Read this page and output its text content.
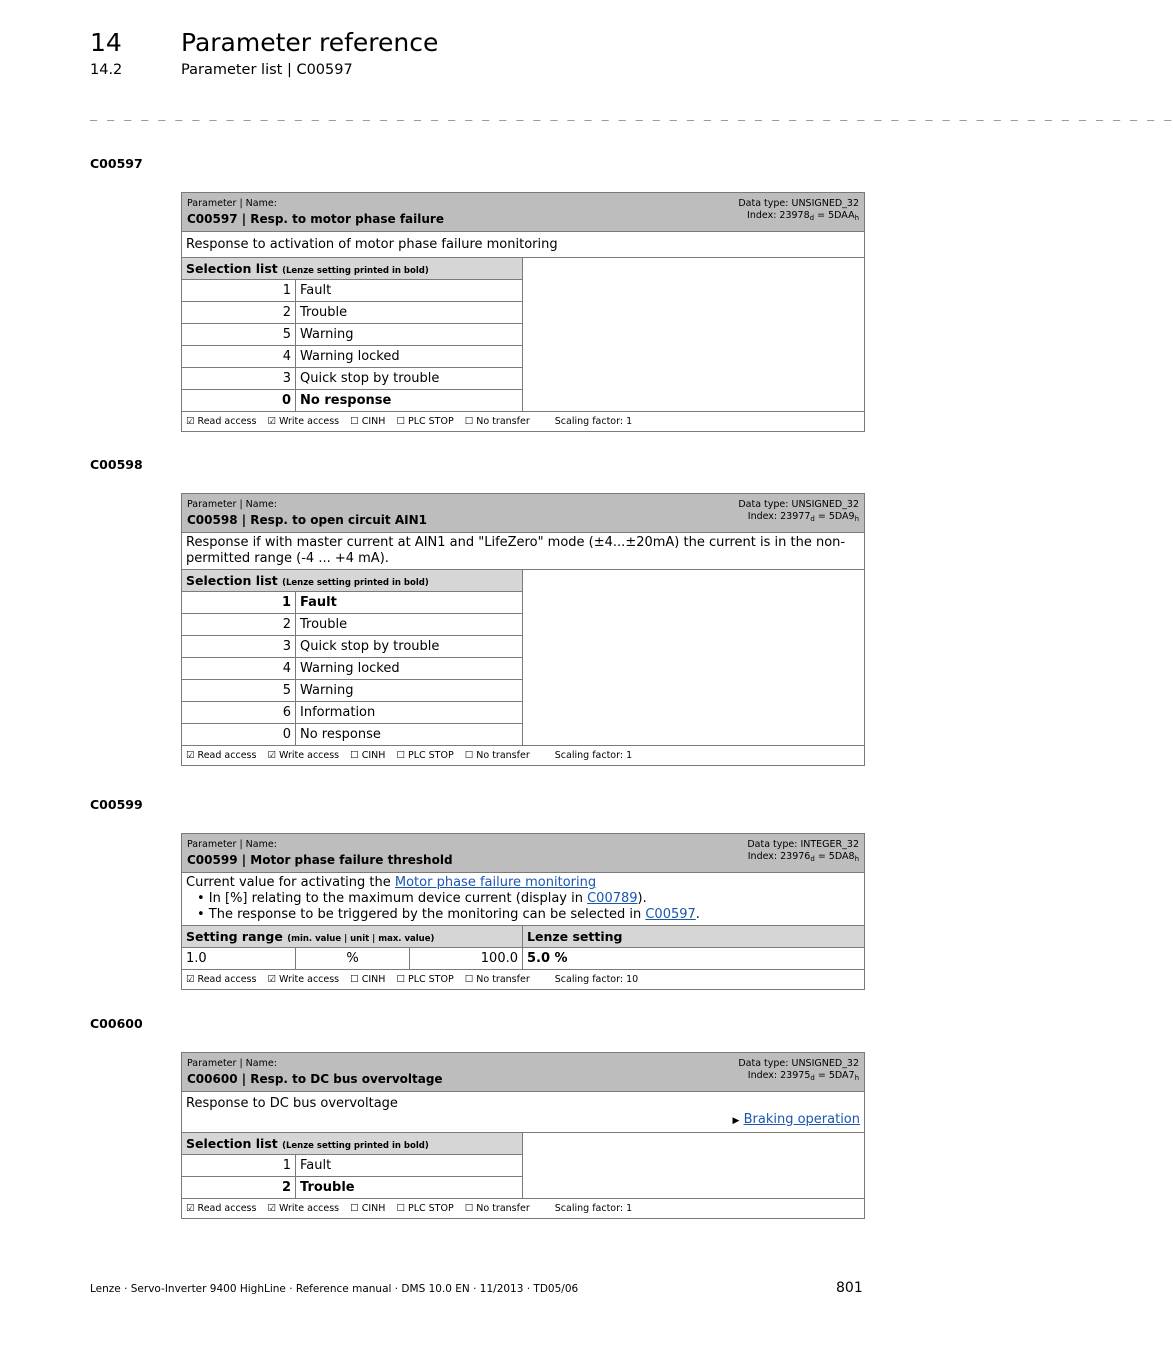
14 Parameter reference
14.2	Parameter list | C00597
_ _ _ _ _ _ _ _ _ _ _ _ _ _ _ _ _ _ _ _ _ _ _ _ _ _ _ _ _ _ _ _ _ _ _ _ _ _ _ _ _ _ _ _ _ _ _ _ _ _ _ _ _ _ _ _ _ _ _ _ _ _ _ _
C00597
Parameter | Name:
C00597 | Resp. to motor phase failure
Data type: UNSIGNED_32
Index: $23978_d = 5DAA_h$

Response to activation of motor phase failure monitoring		
Selection list (Lenze setting printed in bold)		
1	Fault	
2	Trouble	
5	Warning	
4	Warning locked	
3	Quick stop by trouble	
0	No response	
☑ Read access ☑ Write access ☐ CINH ☐ PLC STOP ☐ No transfer Scaling factor: 1		
C00598
Parameter | Name:
C00598 | Resp. to open circuit AIN1
Data type: UNSIGNED_32
Index: $23977_d = 5DA9_h$

Response if with master current at AIN1 and "LifeZero" mode (±4...±20mA) the current is in the non-permitted range (-4 ... +4 mA).		
Selection list (Lenze setting printed in bold)		
1	Fault	
2	Trouble	
3	Quick stop by trouble	
4	Warning locked	
5	Warning	
6	Information	
0	No response	
☑ Read access ☑ Write access ☐ CINH ☐ PLC STOP ☐ No transfer Scaling factor: 1		
C00599
Parameter | Name:
C00599 | Motor phase failure threshold
Data type: INTEGER_32
Index: $23976_d = 5DA8_h$

Current value for activating the Motor phase failure monitoring
• In [%] relating to the maximum device current (display in C00789).
• The response to be triggered by the monitoring can be selected in C00597.			

Setting range (min. value | unit | max. value)			Lenze setting
1.0	%	100.0	5.0 %
☑ Read access ☑ Write access ☐ CINH ☐ PLC STOP ☐ No transfer Scaling factor: 10			
C00600
Parameter | Name:
C00600 | Resp. to DC bus overvoltage
Data type: UNSIGNED_32
Index: $23975_d = 5DA7_h$

Response to DC bus overvoltage
▶ Braking operation		

Selection list (Lenze setting printed in bold)		
1	Fault	
2	Trouble	
☑ Read access ☑ Write access ☐ CINH ☐ PLC STOP ☐ No transfer Scaling factor: 1		
Lenze · Servo-Inverter 9400 HighLine · Reference manual · DMS 10.0 EN · 11/2013 · TD05/06	801
